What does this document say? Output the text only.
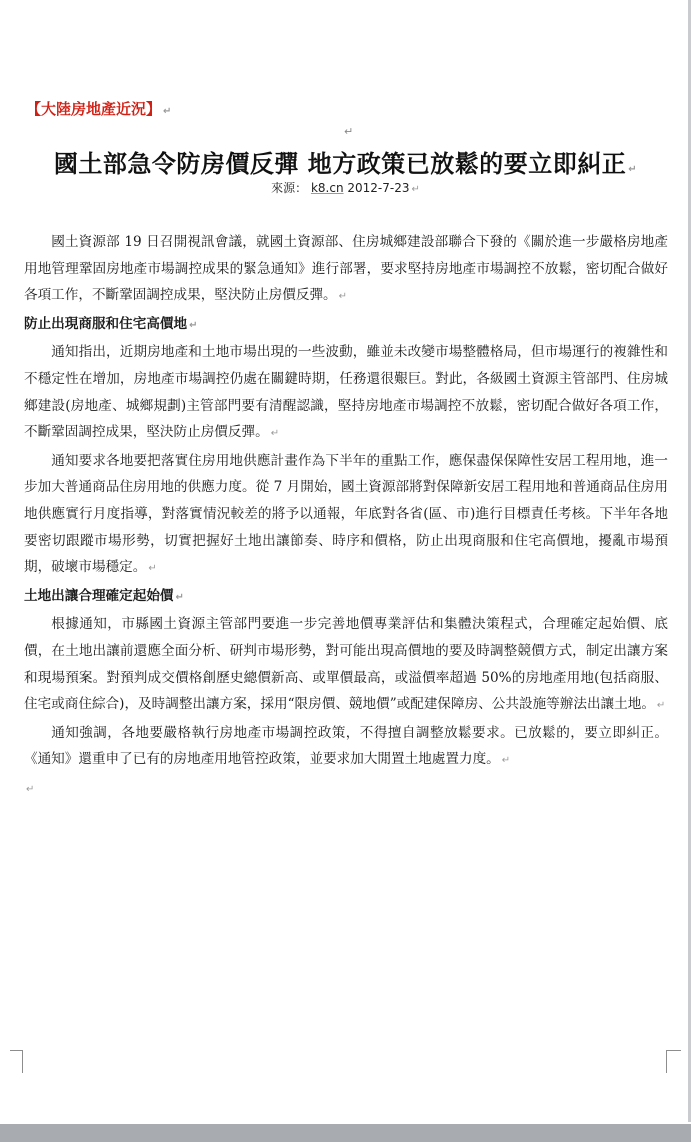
【大陸房地產近況】 ↵
↵
國土部急令防房價反彈 地方政策已放鬆的要立即糾正 ↵
來源： k8.cn 2012-7-23 ↵

國土資源部 19 日召開視訊會議，就國土資源部、住房城鄉建設部聯合下發的《關於進一步嚴格房地產用地管理鞏固房地產市場調控成果的緊急通知》進行部署，要求堅持房地產市場調控不放鬆，密切配合做好各項工作，不斷鞏固調控成果，堅決防止房價反彈。 ↵

防止出現商服和住宅高價地 ↵

通知指出，近期房地產和土地市場出現的一些波動，雖並未改變市場整體格局，但市場運行的複雜性和不穩定性在增加，房地產市場調控仍處在關鍵時期，任務還很艱巨。對此，各級國土資源主管部門、住房城鄉建設(房地產、城鄉規劃)主管部門要有清醒認識，堅持房地產市場調控不放鬆，密切配合做好各項工作，不斷鞏固調控成果，堅決防止房價反彈。 ↵

通知要求各地要把落實住房用地供應計畫作為下半年的重點工作，應保盡保保障性安居工程用地，進一步加大普通商品住房用地的供應力度。從 7 月開始，國土資源部將對保障新安居工程用地和普通商品住房用地供應實行月度指導，對落實情況較差的將予以通報，年底對各省(區、市)進行目標責任考核。下半年各地要密切跟蹤市場形勢，切實把握好土地出讓節奏、時序和價格，防止出現商服和住宅高價地，擾亂市場預期，破壞市場穩定。 ↵

土地出讓合理確定起始價 ↵

根據通知，市縣國土資源主管部門要進一步完善地價專業評估和集體決策程式，合理確定起始價、底價，在土地出讓前還應全面分析、研判市場形勢，對可能出現高價地的要及時調整競價方式，制定出讓方案和現場預案。對預判成交價格創歷史總價新高、或單價最高，或溢價率超過 50%的房地產用地(包括商服、住宅或商住綜合)，及時調整出讓方案，採用“限房價、競地價”或配建保障房、公共設施等辦法出讓土地。 ↵

通知強調，各地要嚴格執行房地產市場調控政策，不得擅自調整放鬆要求。已放鬆的，要立即糾正。《通知》還重申了已有的房地產用地管控政策，並要求加大閒置土地處置力度。 ↵

↵
